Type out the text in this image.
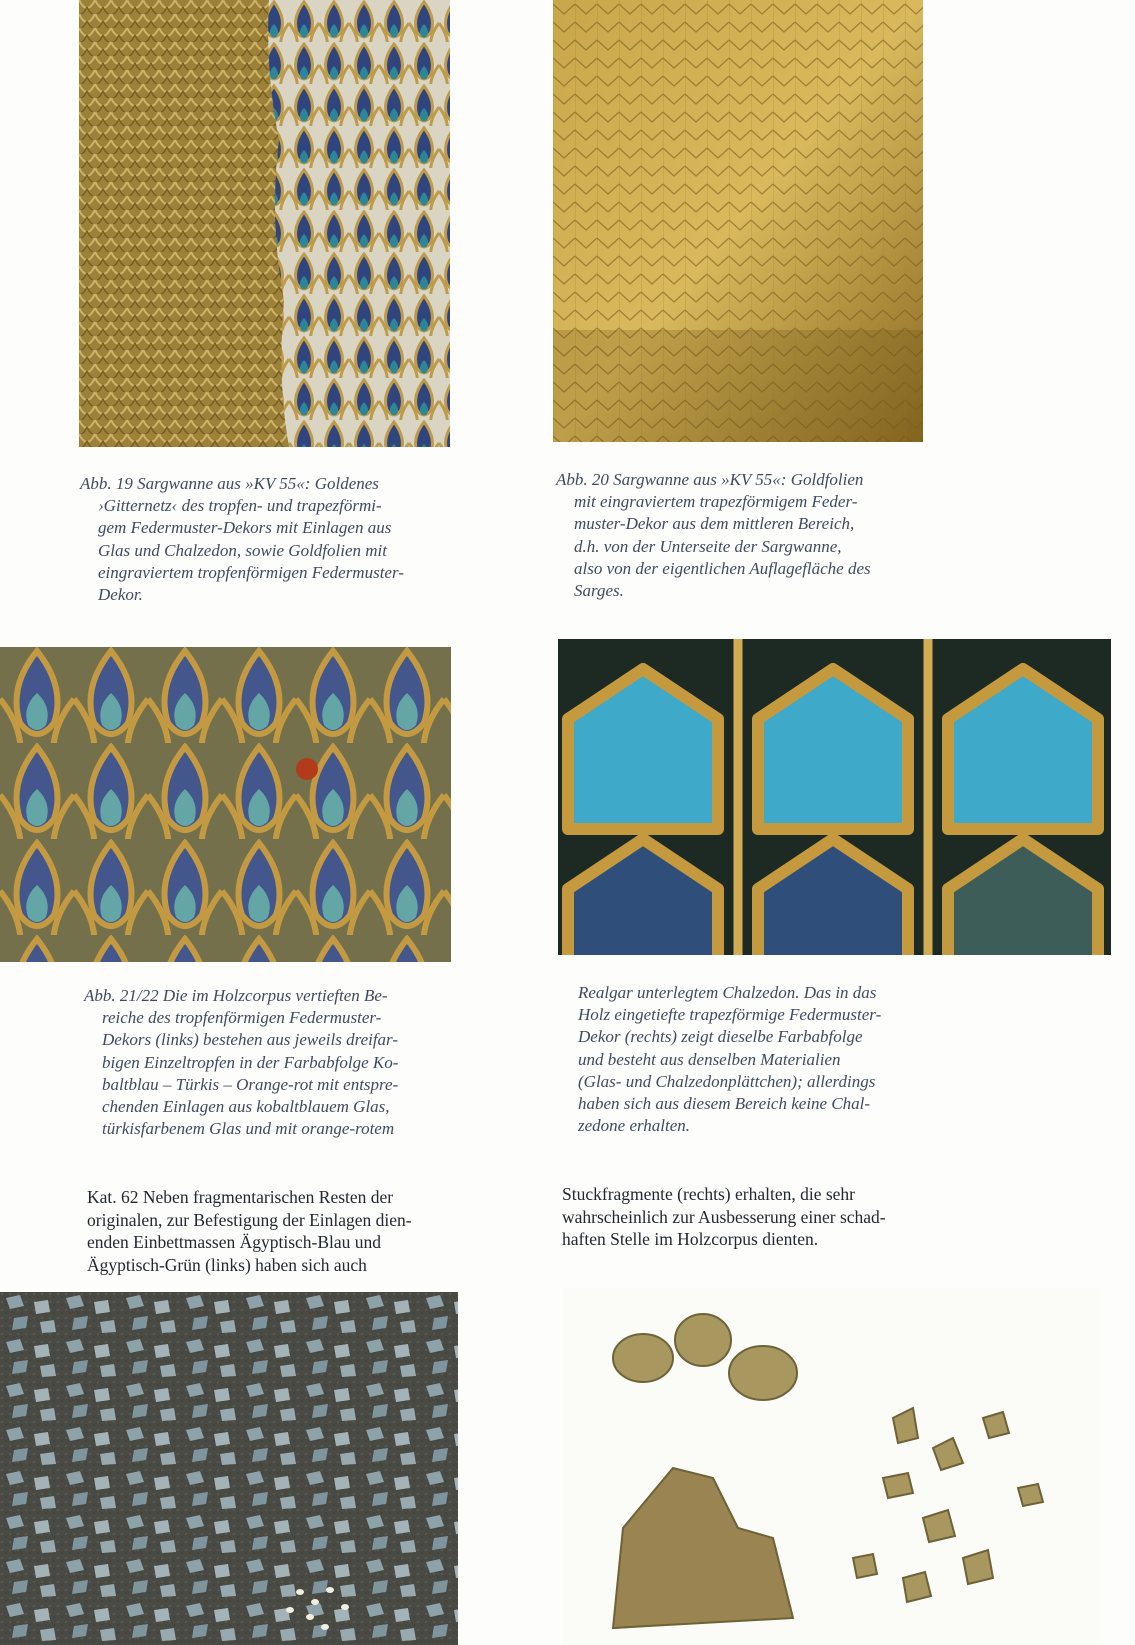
Abb. 19 Sargwanne aus »KV 55«: Goldenes
›Gitternetz‹ des tropfen- und trapezförmi-
gem Federmuster-Dekors mit Einlagen aus
Glas und Chalzedon, sowie Goldfolien mit
eingraviertem tropfenförmigen Federmuster-
Dekor.
Abb. 20 Sargwanne aus »KV 55«: Goldfolien
mit eingraviertem trapezförmigem Feder-
muster-Dekor aus dem mittleren Bereich,
d.h. von der Unterseite der Sargwanne,
also von der eigentlichen Auflagefläche des
Sarges.
Abb. 21/22 Die im Holzcorpus vertieften Be-
reiche des tropfenförmigen Federmuster-
Dekors (links) bestehen aus jeweils dreifar-
bigen Einzeltropfen in der Farbabfolge Ko-
baltblau – Türkis – Orange-rot mit entspre-
chenden Einlagen aus kobaltblauem Glas,
türkisfarbenem Glas und mit orange-rotem
Realgar unterlegtem Chalzedon. Das in das
Holz eingetiefte trapezförmige Federmuster-
Dekor (rechts) zeigt dieselbe Farbabfolge
und besteht aus denselben Materialien
(Glas- und Chalzedonplättchen); allerdings
haben sich aus diesem Bereich keine Chal-
zedone erhalten.
Kat. 62 Neben fragmentarischen Resten der
originalen, zur Befestigung der Einlagen dien-
enden Einbettmassen Ägyptisch-Blau und
Ägyptisch-Grün (links) haben sich auch
Stuckfragmente (rechts) erhalten, die sehr
wahrscheinlich zur Ausbesserung einer schad-
haften Stelle im Holzcorpus dienten.
